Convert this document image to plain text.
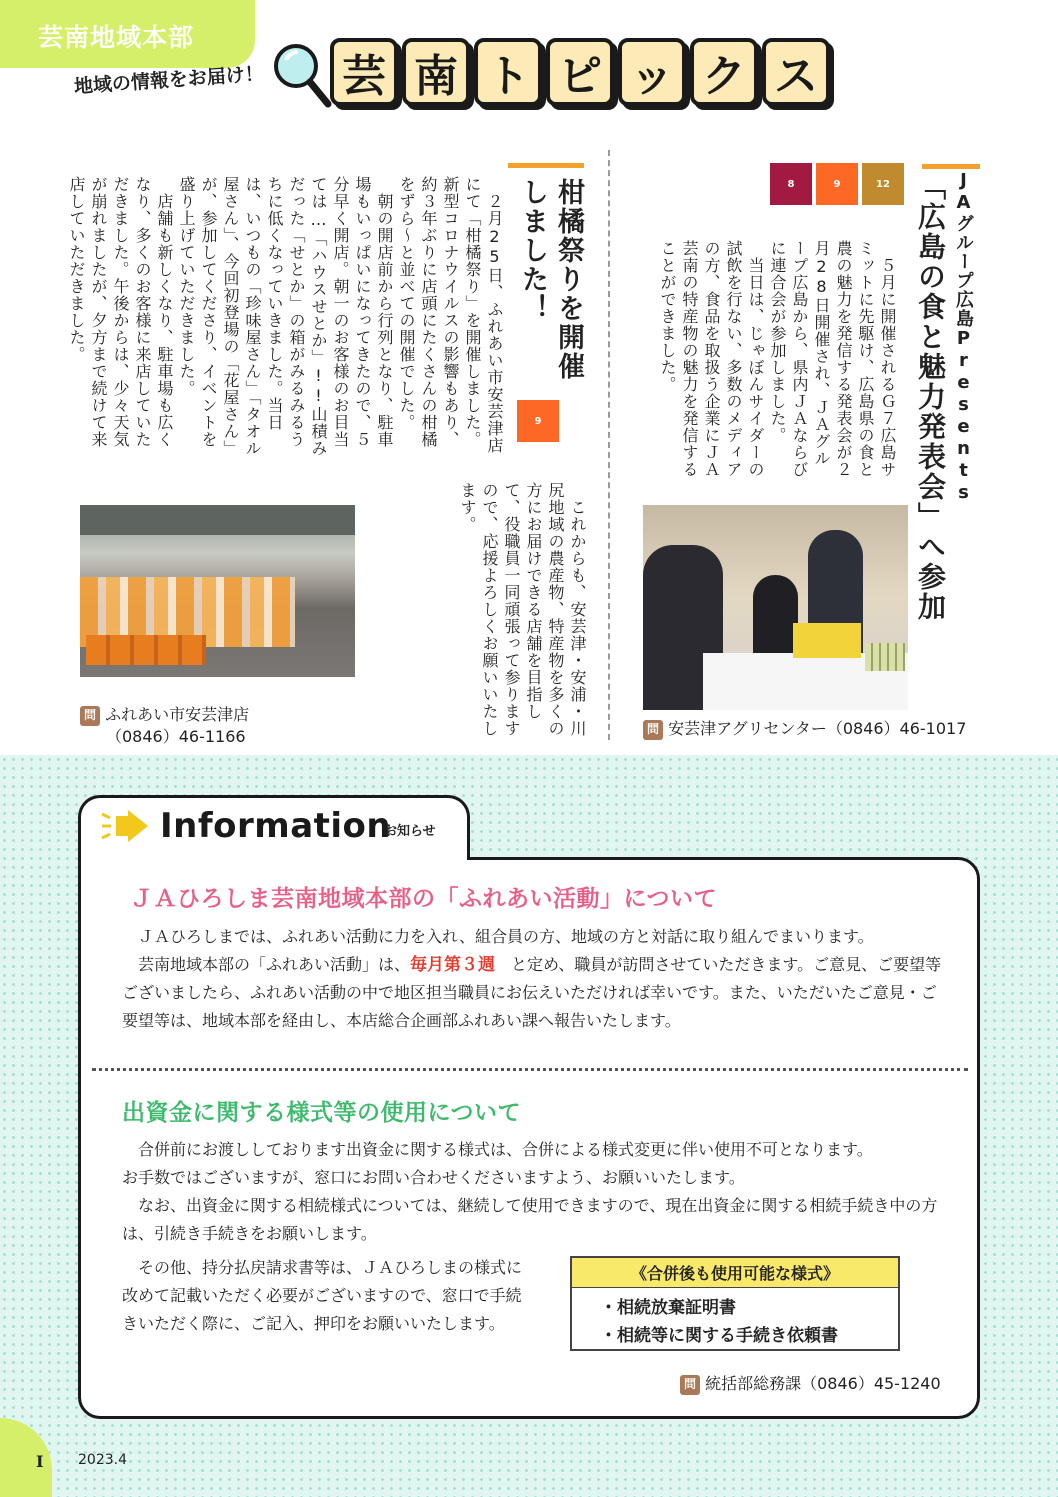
芸南地域本部
地域の情報をお届け！ 芸 南 ト ピ ッ ク ス
JAグループ広島Presents
「広島の食と魅力発表会」へ参加
8	9	12

　５月に開催されるＧ７広島サミットに先駆け、広島県の食と農の魅力を発信する発表会が２月28日開催され、ＪＡグループ広島から、県内ＪＡならびに連合会が参加しました。

　当日は、じゃぼんサイダーの試飲を行ない、多数のメディアの方、食品を取扱う企業にＪＡ芸南の特産物の魅力を発信することができました。

問 安芸津アグリセンター（0846）46-1017
柑橘祭りを開催しました！
9

　２月25日、ふれあい市安芸津店にて「柑橘祭り」を開催しました。新型コロナウイルスの影響もあり、約３年ぶりに店頭にたくさんの柑橘をずら～と並べての開催でした。

　朝の開店前から行列となり、駐車場もいっぱいになってきたので、５分早く開店。朝一のお客様のお目当ては…「ハウスせとか」!!山積みだった「せとか」の箱がみるみるうちに低くなっていきました。当日は、いつもの「珍味屋さん」「タオル屋さん」、今回初登場の「花屋さん」が、参加してくださり、イベントを盛り上げていただきました。

　店舗も新しくなり、駐車場も広くなり、多くのお客様に来店していただきました。午後からは、少々天気が崩れましたが、夕方まで続けて来店していただきました。

　これからも、安芸津・安浦・川尻地域の農産物、特産物を多くの方にお届けできる店舗を目指して、役職員一同頑張って参りますので、応援よろしくお願いいたします。

問 ふれあい市安芸津店
（0846）46-1166
Information
お知らせ
ＪＡひろしま芸南地域本部の「ふれあい活動」について

ＪＡひろしまでは、ふれあい活動に力を入れ、組合員の方、地域の方と対話に取り組んでまいります。

芸南地域本部の「ふれあい活動」は、毎月第３週　 と定め、職員が訪問させていただきます。ご意見、ご要望等ございましたら、ふれあい活動の中で地区担当職員にお伝えいただければ幸いです。また、いただいたご意見・ご要望等は、地域本部を経由し、本店総合企画部ふれあい課へ報告いたします。

出資金に関する様式等の使用について

合併前にお渡ししております出資金に関する様式は、合併による様式変更に伴い使用不可となります。

お手数ではございますが、窓口にお問い合わせくださいますよう、お願いいたします。

なお、出資金に関する相続様式については、継続して使用できますので、現在出資金に関する相続手続き中の方は、引続き手続きをお願いします。

その他、持分払戻請求書等は、ＪＡひろしまの様式に改めて記載いただく必要がございますので、窓口で手続きいただく際に、ご記入、押印をお願いいたします。

《合併後も使用可能な様式》
・相続放棄証明書
・相続等に関する手続き依頼書
問 統括部総務課（0846）45-1240
I 2023.4
